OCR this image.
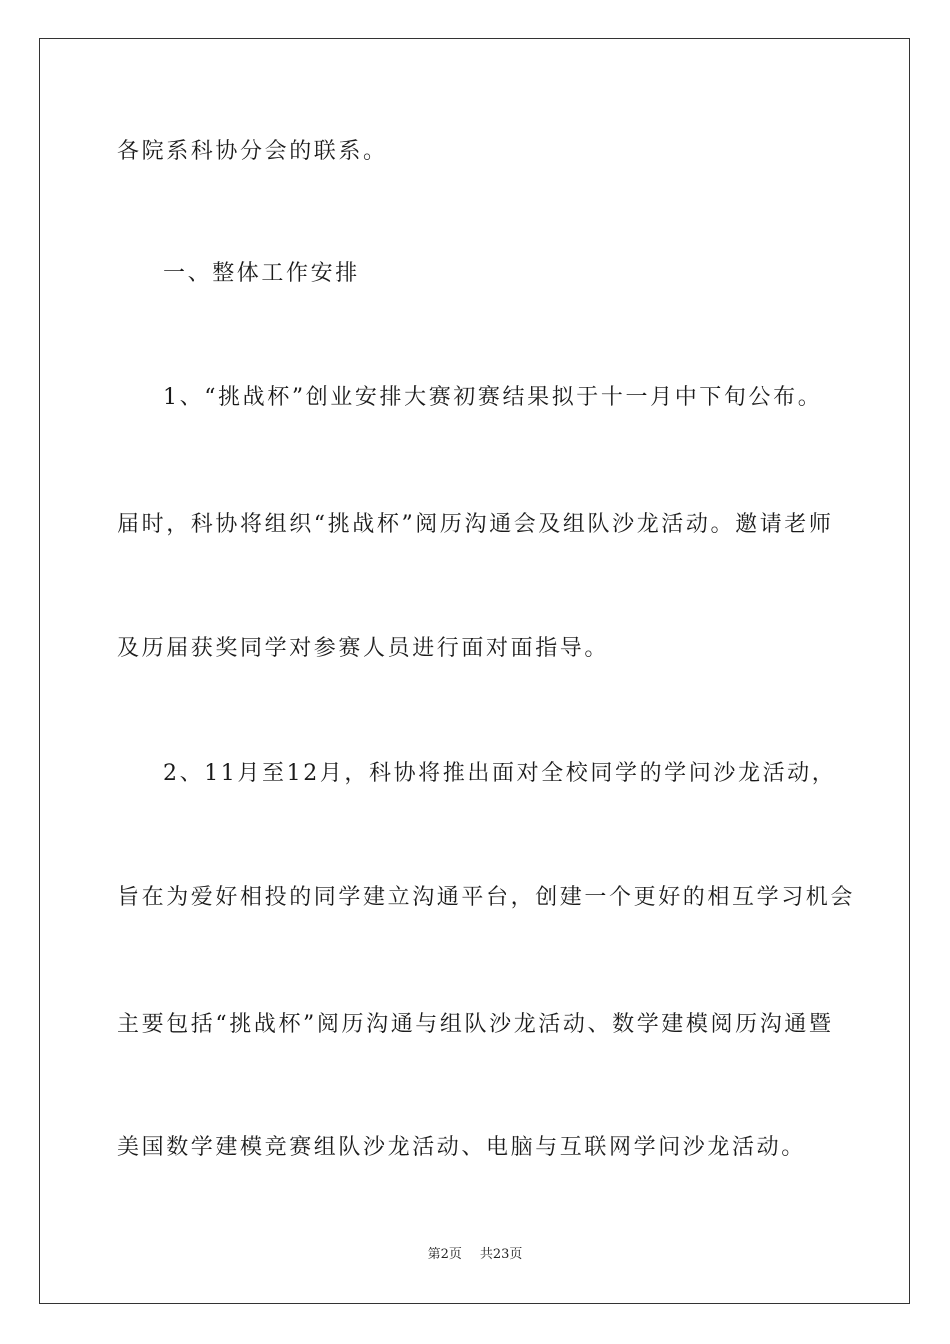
各院系科协分会的联系。
一、整体工作安排
1、“挑战杯”创业安排大赛初赛结果拟于十一月中下旬公布。
届时，科协将组织“挑战杯”阅历沟通会及组队沙龙活动。邀请老师
及历届获奖同学对参赛人员进行面对面指导。
2、11月至12月，科协将推出面对全校同学的学问沙龙活动，
旨在为爱好相投的同学建立沟通平台，创建一个更好的相互学习机会
主要包括“挑战杯”阅历沟通与组队沙龙活动、数学建模阅历沟通暨
美国数学建模竞赛组队沙龙活动、电脑与互联网学问沙龙活动。
第2页 共23页
